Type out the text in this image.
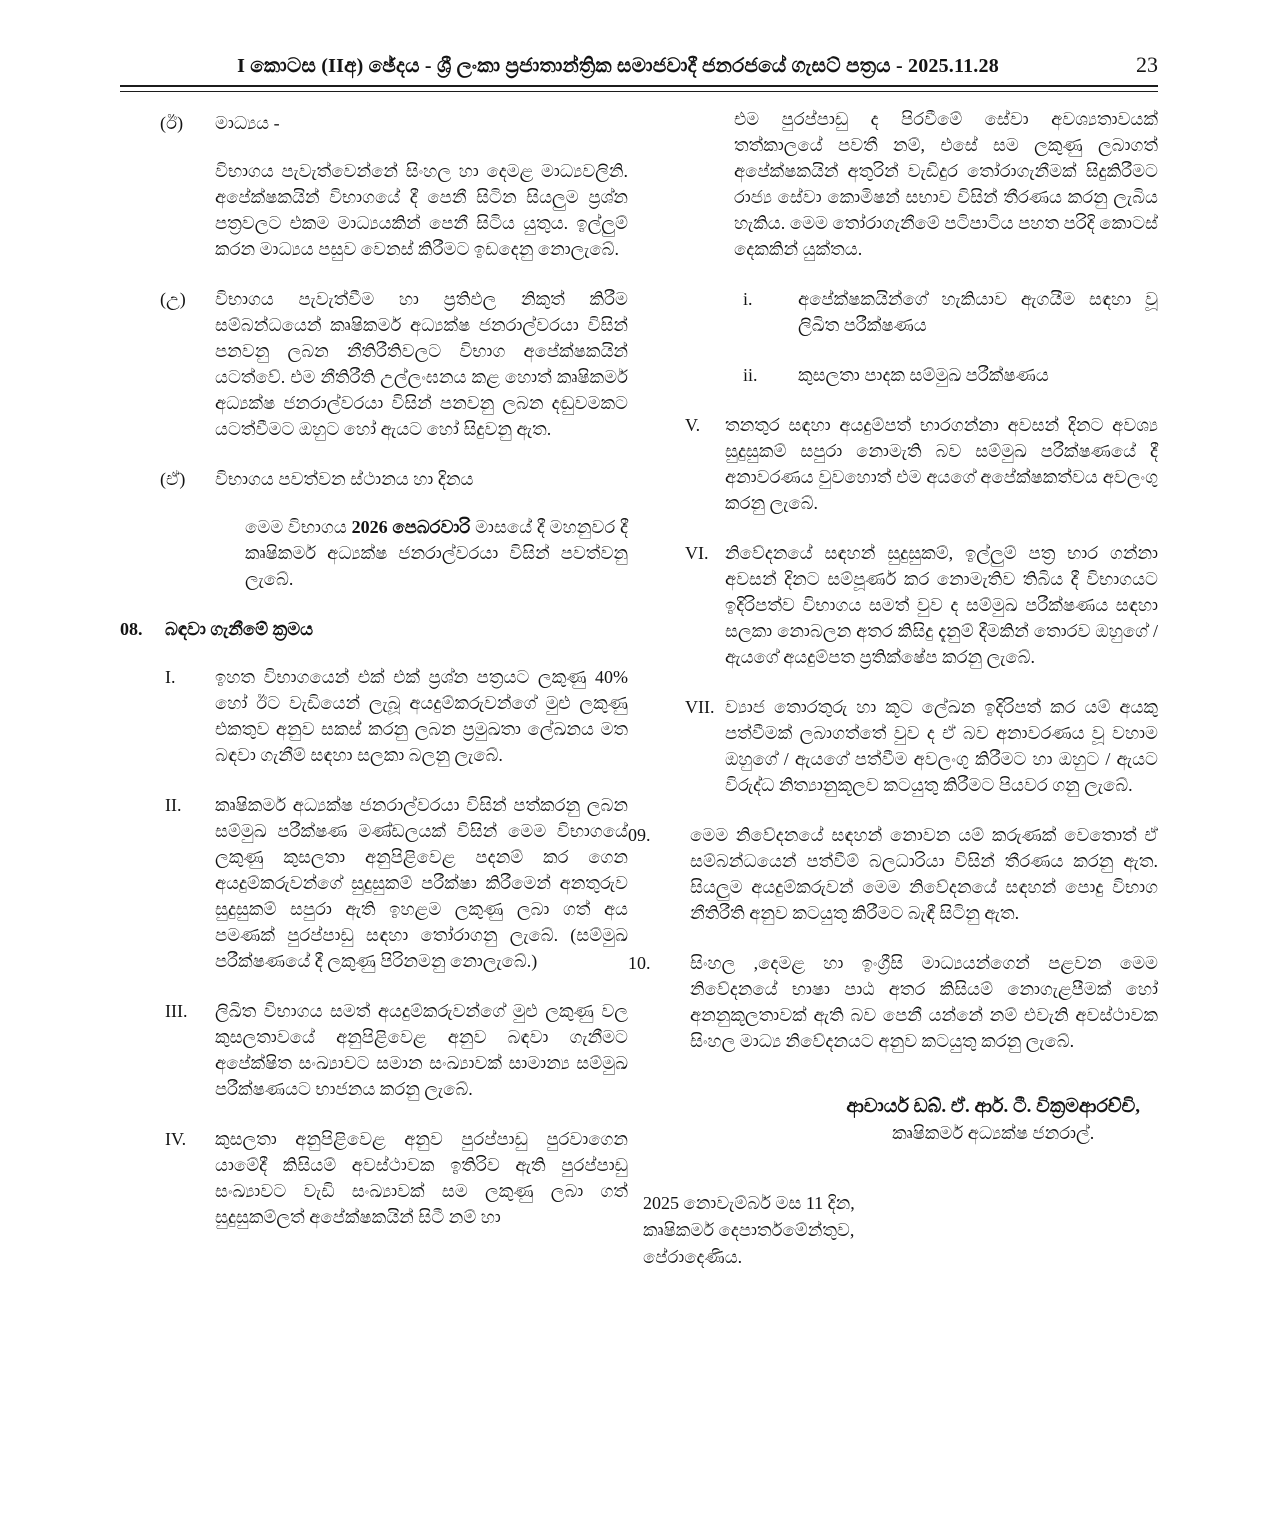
I කොටස (IIඅ) ඡේදය - ශ්‍රී ලංකා ප්‍රජාතාන්ත්‍රික සමාජවාදී ජනරජයේ ගැසට් පත්‍රය - 2025.11.28	23
(ඊ)	මාධ්‍යය -

විභාගය පැවැත්වෙන්නේ සිංහල හා දෙමළ මාධ්‍යවලිනි. අපේක්ෂකයින් විභාගයේ දී පෙනී සිටින සියලුම ප්‍රශ්න පත්‍රවලට එකම මාධ්‍යයකින් පෙනී සිටිය යුතුය. ඉල්ලුම් කරන මාධ්‍යය පසුව වෙනස් කිරීමට ඉඩදෙනු නොලැබේ.

(උ)	විභාගය පැවැත්වීම හා ප්‍රතිඵල නිකුත් කිරීම සම්බන්ධයෙන් කෘෂිකර්ම අධ්‍යක්ෂ ජනරාල්වරයා විසින් පනවනු ලබන නීතිරීතිවලට විභාග අපේක්ෂකයින් යටත්වේ. එම නීතිරීති උල්ලංඝනය කළ හොත් කෘෂිකර්ම අධ්‍යක්ෂ ජනරාල්වරයා විසින් පනවනු ලබන දඬුවමකට යටත්වීමට ඔහුට හෝ ඇයට හෝ සිදුවනු ඇත.
(ඒ)	විභාගය පවත්වන ස්ථානය හා දිනය

මෙම විභාගය 2026 පෙබරවාරි මාසයේ දී මහනුවර දී කෘෂිකර්ම අධ්‍යක්ෂ ජනරාල්වරයා විසින් පවත්වනු ලැබේ.

08.	බඳවා ගැනීමේ ක්‍රමය
I.	ඉහත විභාගයෙන් එක් එක් ප්‍රශ්න පත්‍රයට ලකුණු 40% හෝ ඊට වැඩියෙන් ලැබූ අයදුම්කරුවන්ගේ මුළු ලකුණු එකතුව අනුව සකස් කරනු ලබන ප්‍රමුඛතා ලේඛනය මත බඳවා ගැනීම් සඳහා සලකා බලනු ලැබේ.
II.	කෘෂිකර්ම අධ්‍යක්ෂ ජනරාල්වරයා විසින් පත්කරනු ලබන සම්මුඛ පරීක්ෂණ මණ්ඩලයක් විසින් මෙම විභාගයේ ලකුණු කුසලතා අනුපිළිවෙළ පදනම් කර ගෙන අයදුම්කරුවන්ගේ සුදුසුකම් පරීක්ෂා කිරීමෙන් අනතුරුව සුදුසුකම් සපුරා ඇති ඉහළම ලකුණු ලබා ගත් අය පමණක් පුරප්පාඩු සඳහා තෝරාගනු ලැබේ. (සම්මුඛ පරීක්ෂණයේ දී ලකුණු පිරිනමනු නොලැබේ.)
III.	ලිඛිත විභාගය සමත් අයදුම්කරුවන්ගේ මුළු ලකුණු වල කුසලතාවයේ අනුපිළිවෙළ අනුව බඳවා ගැනීමට අපේක්ෂිත සංඛ්‍යාවට සමාන සංඛ්‍යාවක් සාමාන්‍ය සම්මුඛ පරීක්ෂණයට භාජනය කරනු ලැබේ.
IV.	කුසලතා අනුපිළිවෙළ අනුව පුරප්පාඩු පුරවාගෙන යාමේදී කිසියම් අවස්ථාවක ඉතිරිව ඇති පුරප්පාඩු සංඛ්‍යාවට වැඩි සංඛ්‍යාවක් සම ලකුණු ලබා ගත් සුදුසුකම්ලත් අපේක්ෂකයින් සිටී නම් හා

එම පුරප්පාඩු ද පිරවීමේ සේවා අවශ්‍යතාවයක් තත්කාලයේ පවතී නම්, එසේ සම ලකුණු ලබාගත් අපේක්ෂකයින් අතුරින් වැඩිදුර තෝරාගැනීමක් සිදුකිරීමට රාජ්‍ය සේවා කොමිෂන් සභාව විසින් තීරණය කරනු ලැබිය හැකිය. මෙම තෝරාගැනීමේ පටිපාටිය පහත පරිදි කොටස් දෙකකින් යුක්තය.

i.	අපේක්ෂකයින්ගේ හැකියාව ඇගයීම සඳහා වූ ලිඛිත පරීක්ෂණය
ii.	කුසලතා පාදක සම්මුඛ පරීක්ෂණය
V.	තනතුර සඳහා අයදුම්පත් භාරගන්නා අවසන් දිනට අවශ්‍ය සුදුසුකම් සපුරා නොමැති බව සම්මුඛ පරීක්ෂණයේ දී අනාවරණය වුවහොත් එම අයගේ අපේක්ෂකත්වය අවලංගු කරනු ලැබේ.
VI. නිවේදනයේ සඳහන් සුදුසුකම්, ඉල්ලුම් පත්‍ර භාර ගන්නා අවසන් දිනට සම්පූර්ණ කර නොමැතිව තිබිය දී විභාගයට ඉදිරිපත්ව විභාගය සමත් වුව ද සම්මුඛ පරීක්ෂණය සඳහා සලකා නොබලන අතර කිසිදු දැනුම් දීමකින් තොරව ඔහුගේ / ඇයගේ අයදුම්පත ප්‍රතික්ෂේප කරනු ලැබේ.
VII. ව්‍යාජ තොරතුරු හා කූට ලේඛන ඉදිරිපත් කර යම් අයකු පත්වීමක් ලබාගත්තේ වුව ද ඒ බව අනාවරණය වූ වහාම ඔහුගේ / ඇයගේ පත්වීම අවලංගු කිරීමට හා ඔහුට / ඇයට විරුද්ධ නිත්‍යානුකූලව කටයුතු කිරීමට පියවර ගනු ලැබේ.
09.	මෙම නිවේදනයේ සඳහන් නොවන යම් කරුණක් වෙතොත් ඒ සම්බන්ධයෙන් පත්වීම් බලධාරියා විසින් තීරණය කරනු ඇත. සියලුම අයදුම්කරුවන් මෙම නිවේදනයේ සඳහන් පොදු විභාග නීතිරීති අනුව කටයුතු කිරීමට බැඳී සිටිනු ඇත.
10.	සිංහල ,දෙමළ හා ඉංග්‍රීසි මාධ්‍යයන්ගෙන් පළවන මෙම නිවේදනයේ භාෂා පාඨ අතර කිසියම් නොගැළපීමක් හෝ අනනුකූලතාවක් ඇති බව පෙනී යන්නේ නම් එවැනි අවස්ථාවක සිංහල මාධ්‍ය නිවේදනයට අනුව කටයුතු කරනු ලැබේ.
ආචාර්ය ඩබ්. ඒ. ආර්. ටී. වික්‍රමආරච්චි,
කෘෂිකර්ම අධ්‍යක්ෂ ජනරාල්.
2025 නොවැම්බර් මස 11 දින,
කෘෂිකර්ම දෙපාර්තමේන්තුව,
පේරාදෙණිය.
